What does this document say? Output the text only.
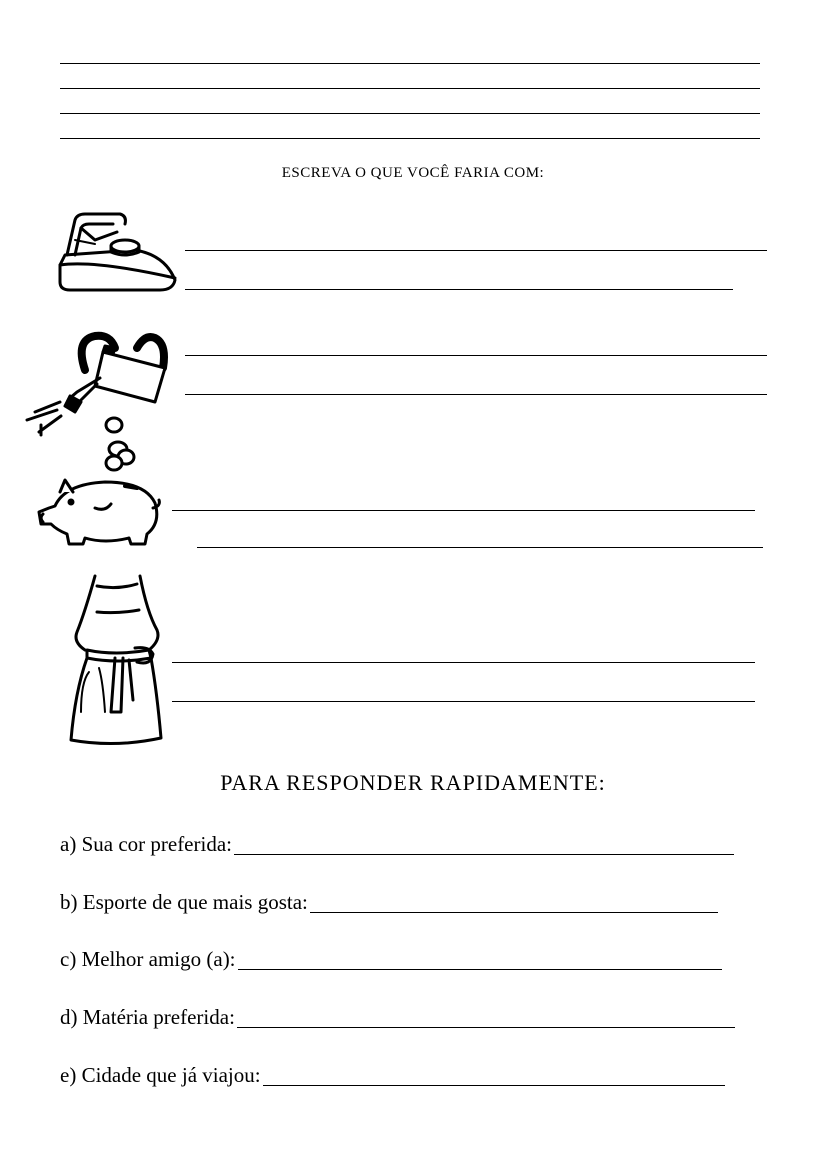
ESCREVA O QUE VOCÊ FARIA COM:
PARA RESPONDER RAPIDAMENTE:
a) Sua cor preferida:
b) Esporte de que mais gosta:
c) Melhor amigo (a):
d) Matéria preferida:
e) Cidade que já viajou:
